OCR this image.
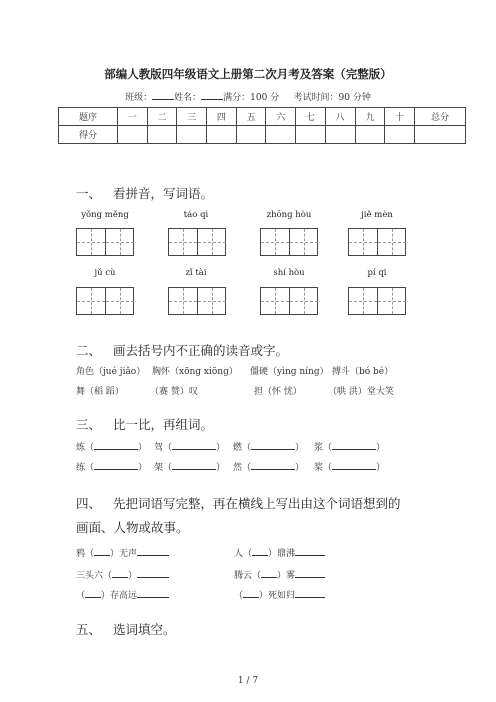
部编人教版四年级语文上册第二次月考及答案（完整版）
班级： 姓名： 满分：100 分 考试时间：90 分钟
题序	一	二	三	四	五	六	七	八	九	十	总分
得分											
一、 看拼音，写词语。
yǒng měng	táo qì	zhōng hòu	jiě mèn
jǔ cù	zǐ tài	shí hòu	pí qi
二、 画去括号内不正确的读音或字。
角色（jué jiǎo） 胸怀（xōng xiōng） 僵硬（yìng níng） 搏斗（bó bé）
舞（稻 蹈）	（赛 赞）叹	担（怀 忧）	（哄 洪）堂大笑
三、 比一比，再组词。
炼（	） 驾（	） 燃（	） 浆（	）
练（	） 架（	） 然（	） 桨（	）
四、 先把词语写完整，再在横线上写出由这个词语想到的
画面、人物或故事。
鸦（ ）无声	人（ ）鼎沸
三头六（ ）	腾云（ ）雾
（ ）存高远	（ ）死如归
五、 选词填空。
1 / 7
